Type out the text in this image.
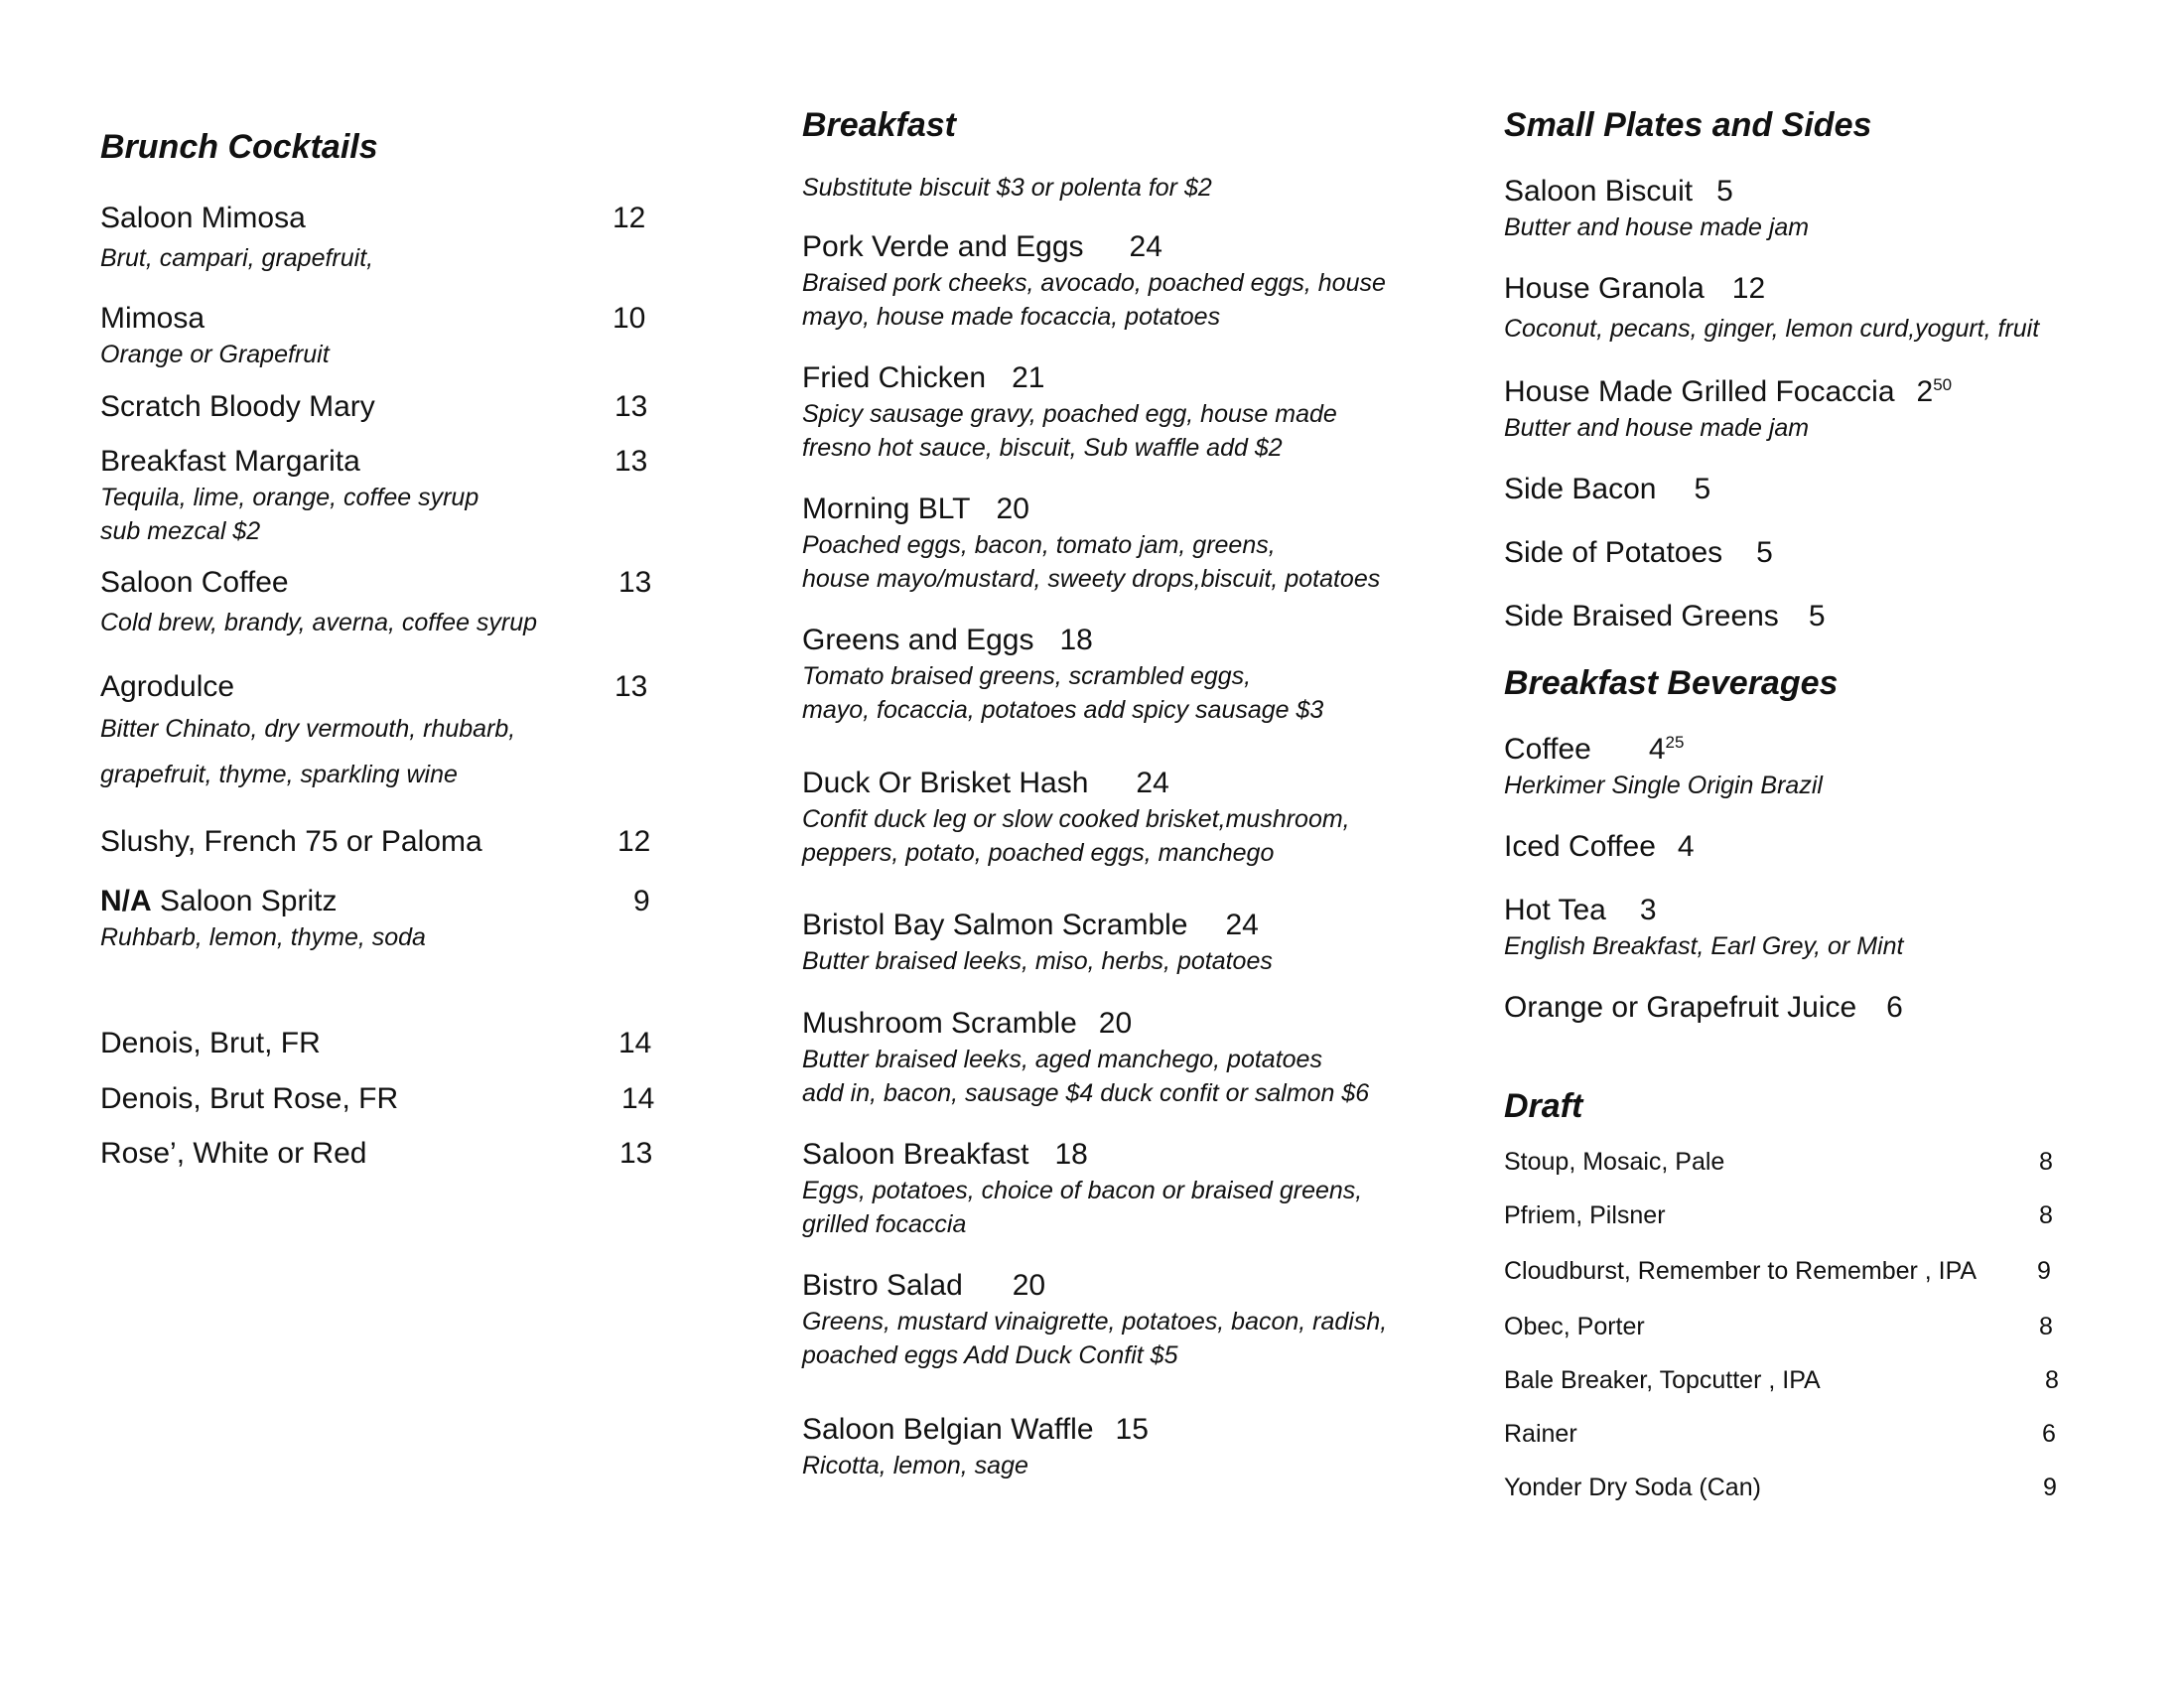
Brunch Cocktails
Saloon Mimosa	12
Brut, campari, grapefruit,
Mimosa	10
Orange or Grapefruit
Scratch Bloody Mary	13
Breakfast Margarita	13
Tequila, lime, orange, coffee syrup
sub mezcal $2
Saloon Coffee	13
Cold brew, brandy, averna, coffee syrup
Agrodulce	13
Bitter Chinato, dry vermouth, rhubarb,
grapefruit, thyme, sparkling wine
Slushy, French 75 or Paloma	12
N/A Saloon Spritz	9
Ruhbarb, lemon, thyme, soda
Denois, Brut, FR	14
Denois, Brut Rose, FR	14
Rose’, White or Red	13
Breakfast
Substitute biscuit $3 or polenta for $2
Pork Verde and Eggs 24
Braised pork cheeks, avocado, poached eggs, house
mayo, house made focaccia, potatoes
Fried Chicken 21
Spicy sausage gravy, poached egg, house made
fresno hot sauce, biscuit, Sub waffle add $2
Morning BLT 20
Poached eggs, bacon, tomato jam, greens,
house mayo/mustard, sweety drops,biscuit, potatoes
Greens and Eggs 18
Tomato braised greens, scrambled eggs,
mayo, focaccia, potatoes add spicy sausage $3
Duck Or Brisket Hash 24
Confit duck leg or slow cooked brisket,mushroom,
peppers, potato, poached eggs, manchego
Bristol Bay Salmon Scramble 24
Butter braised leeks, miso, herbs, potatoes
Mushroom Scramble 20
Butter braised leeks, aged manchego, potatoes
add in, bacon, sausage $4 duck confit or salmon $6
Saloon Breakfast 18
Eggs, potatoes, choice of bacon or braised greens,
grilled focaccia
Bistro Salad 20
Greens, mustard vinaigrette, potatoes, bacon, radish,
poached eggs Add Duck Confit $5
Saloon Belgian Waffle 15
Ricotta, lemon, sage
Small Plates and Sides
Saloon Biscuit 5
Butter and house made jam
House Granola 12
Coconut, pecans, ginger, lemon curd,yogurt, fruit
House Made Grilled Focaccia $2^{50}$
Butter and house made jam
Side Bacon 5
Side of Potatoes 5
Side Braised Greens 5
Breakfast Beverages
Coffee $4^{25}$
Herkimer Single Origin Brazil
Iced Coffee 4
Hot Tea 3
English Breakfast, Earl Grey, or Mint
Orange or Grapefruit Juice 6
Draft
Stoup, Mosaic, Pale	8
Pfriem, Pilsner	8
Cloudburst, Remember to Remember , IPA 9
Obec, Porter	8
Bale Breaker, Topcutter , IPA	8
Rainer	6
Yonder Dry Soda (Can)	9
